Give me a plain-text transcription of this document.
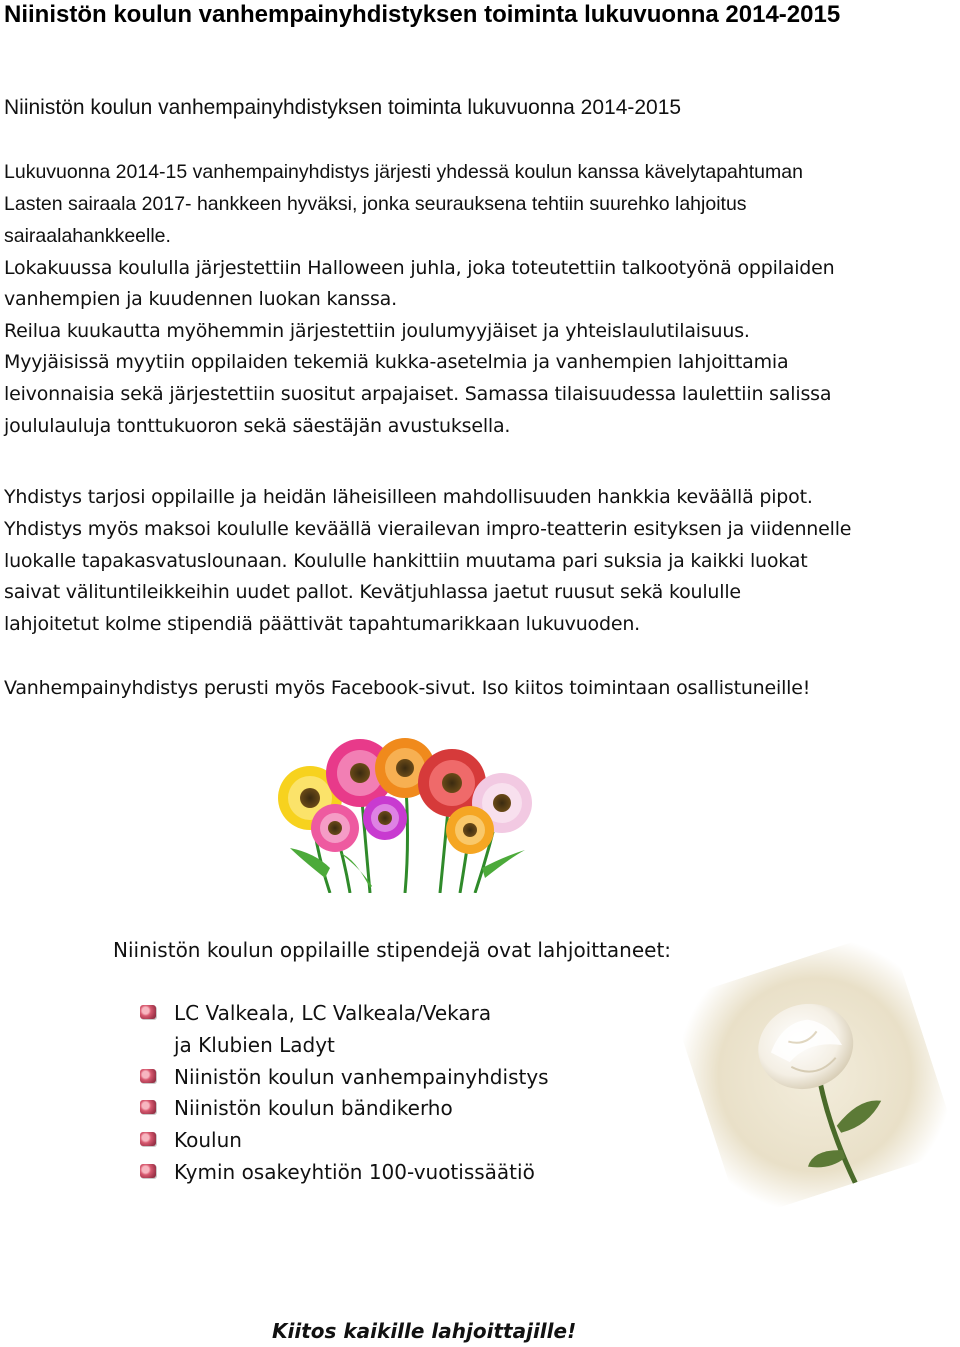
Niinistön koulun vanhempainyhdistyksen toiminta lukuvuonna 2014-2015
Niinistön koulun vanhempainyhdistyksen toiminta lukuvuonna 2014-2015
Lukuvuonna 2014-15 vanhempainyhdistys järjesti yhdessä koulun kanssa kävelytapahtuman
Lasten sairaala 2017- hankkeen hyväksi, jonka seurauksena tehtiin suurehko lahjoitus
sairaalahankkeelle.
Lokakuussa koululla järjestettiin Halloween juhla, joka toteutettiin talkootyönä oppilaiden
vanhempien ja kuudennen luokan kanssa.
Reilua kuukautta myöhemmin järjestettiin joulumyyjäiset ja yhteislaulutilaisuus.
Myyjäisissä myytiin oppilaiden tekemiä kukka-asetelmia ja vanhempien lahjoittamia
leivonnaisia sekä järjestettiin suositut arpajaiset. Samassa tilaisuudessa laulettiin salissa
joululauluja tonttukuoron sekä säestäjän avustuksella.
Yhdistys tarjosi oppilaille ja heidän läheisilleen mahdollisuuden hankkia keväällä pipot.
Yhdistys myös maksoi koululle keväällä vierailevan impro-teatterin esityksen ja viidennelle
luokalle tapakasvatuslounaan. Koululle hankittiin muutama pari suksia ja kaikki luokat
saivat välituntileikkeihin uudet pallot. Kevätjuhlassa jaetut ruusut sekä koululle
lahjoitetut kolme stipendiä päättivät tapahtumarikkaan lukuvuoden.
Vanhempainyhdistys perusti myös Facebook-sivut. Iso kiitos toimintaan osallistuneille!
Niinistön koulun oppilaille stipendejä ovat lahjoittaneet:
LC Valkeala, LC Valkeala/Vekara
ja Klubien Ladyt
Niinistön koulun vanhempainyhdistys
Niinistön koulun bändikerho
Koulun
Kymin osakeyhtiön 100-vuotissäätiö
Kiitos kaikille lahjoittajille!
